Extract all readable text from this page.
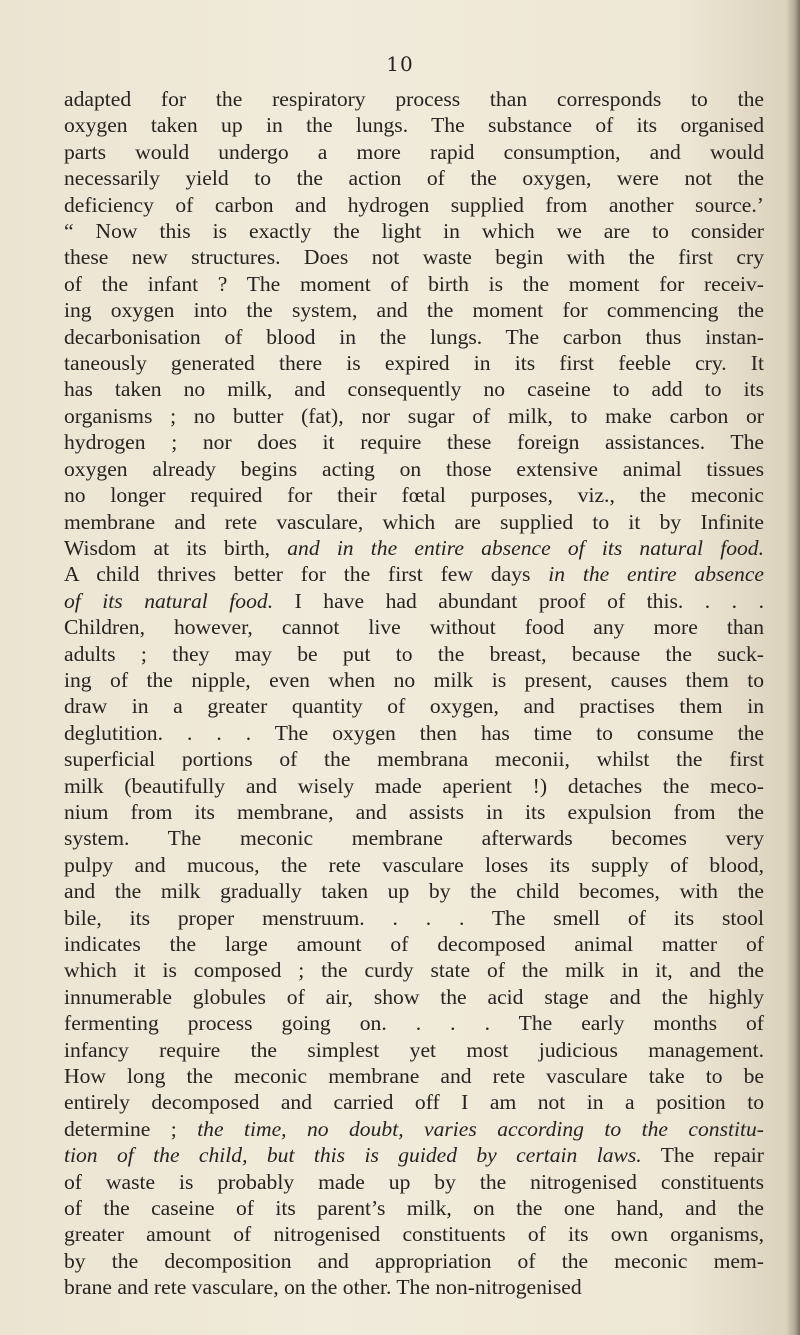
10
adapted for the respiratory process than corresponds to the
oxygen taken up in the lungs. The substance of its organised
parts would undergo a more rapid consumption, and would
necessarily yield to the action of the oxygen, were not the
deficiency of carbon and hydrogen supplied from another source.’
“ Now this is exactly the light in which we are to consider
these new structures. Does not waste begin with the first cry
of the infant ? The moment of birth is the moment for receiv-
ing oxygen into the system, and the moment for commencing the
decarbonisation of blood in the lungs. The carbon thus instan-
taneously generated there is expired in its first feeble cry. It
has taken no milk, and consequently no caseine to add to its
organisms ; no butter (fat), nor sugar of milk, to make carbon or
hydrogen ; nor does it require these foreign assistances. The
oxygen already begins acting on those extensive animal tissues
no longer required for their fœtal purposes, viz., the meconic
membrane and rete vasculare, which are supplied to it by Infinite
Wisdom at its birth, and in the entire absence of its natural food.
A child thrives better for the first few days in the entire absence
of its natural food. I have had abundant proof of this. . . .
Children, however, cannot live without food any more than
adults ; they may be put to the breast, because the suck-
ing of the nipple, even when no milk is present, causes them to
draw in a greater quantity of oxygen, and practises them in
deglutition. . . . The oxygen then has time to consume the
superficial portions of the membrana meconii, whilst the first
milk (beautifully and wisely made aperient !) detaches the meco-
nium from its membrane, and assists in its expulsion from the
system. The meconic membrane afterwards becomes very
pulpy and mucous, the rete vasculare loses its supply of blood,
and the milk gradually taken up by the child becomes, with the
bile, its proper menstruum. . . . The smell of its stool
indicates the large amount of decomposed animal matter of
which it is composed ; the curdy state of the milk in it, and the
innumerable globules of air, show the acid stage and the highly
fermenting process going on. . . . The early months of
infancy require the simplest yet most judicious management.
How long the meconic membrane and rete vasculare take to be
entirely decomposed and carried off I am not in a position to
determine ; the time, no doubt, varies according to the constitu-
tion of the child, but this is guided by certain laws. The repair
of waste is probably made up by the nitrogenised constituents
of the caseine of its parent’s milk, on the one hand, and the
greater amount of nitrogenised constituents of its own organisms,
by the decomposition and appropriation of the meconic mem-
brane and rete vasculare, on the other. The non-nitrogenised
